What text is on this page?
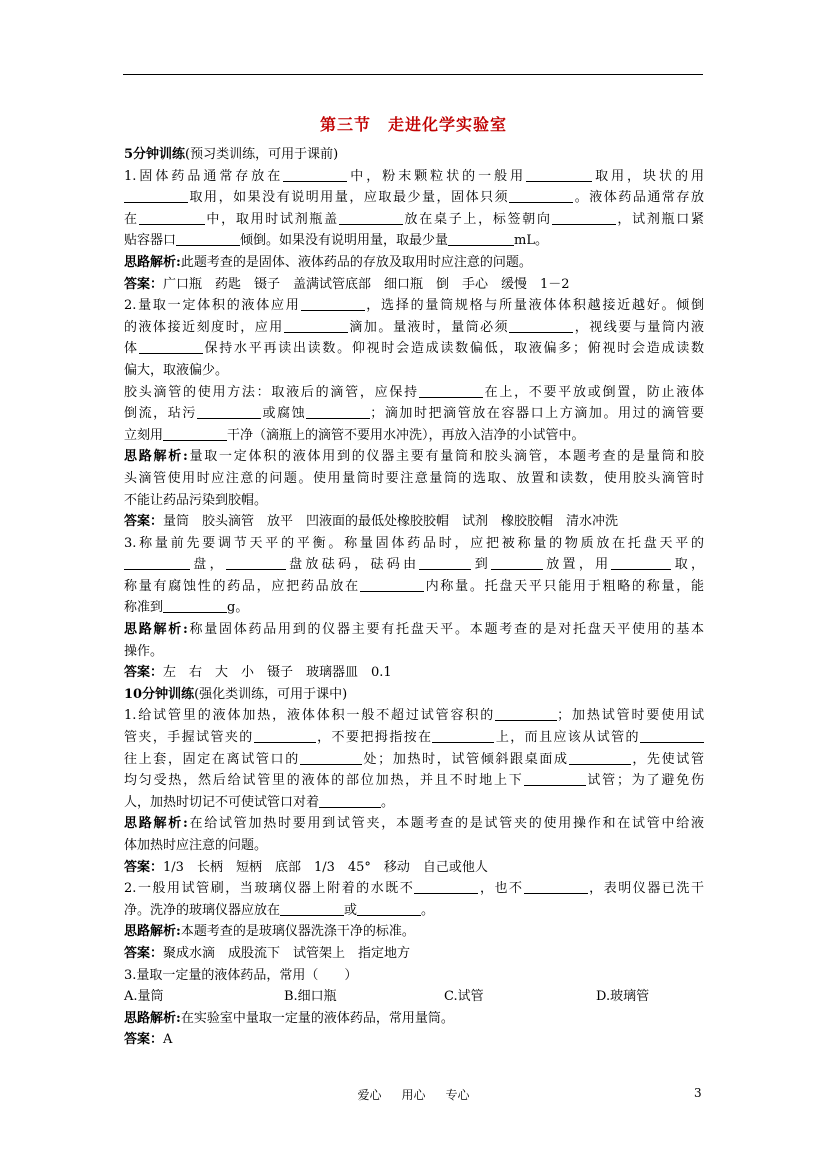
第三节　走进化学实验室
5分钟训练(预习类训练，可用于课前)
1.固体药品通常存放在	中，粉末颗粒状的一般用	取用，块状的用
取用，如果没有说明用量，应取最少量，固体只须	。液体药品通常存放
在	中，取用时试剂瓶盖	放在桌子上，标签朝向	，试剂瓶口紧
贴容器口	倾倒。如果没有说明用量，取最少量	mL。
思路解析:此题考查的是固体、液体药品的存放及取用时应注意的问题。
答案：广口瓶　药匙　镊子　盖满试管底部　细口瓶　倒　手心　缓慢　1－2
2.量取一定体积的液体应用	，选择的量筒规格与所量液体体积越接近越好。倾倒
的液体接近刻度时，应用	滴加。量液时，量筒必须	，视线要与量筒内液
体	保持水平再读出读数。仰视时会造成读数偏低，取液偏多；俯视时会造成读数
偏大，取液偏少。
胶头滴管的使用方法：取液后的滴管，应保持	在上，不要平放或倒置，防止液体
倒流，玷污	或腐蚀	；滴加时把滴管放在容器口上方滴加。用过的滴管要
立刻用	干净（滴瓶上的滴管不要用水冲洗），再放入洁净的小试管中。
思路解析:量取一定体积的液体用到的仪器主要有量筒和胶头滴管，本题考查的是量筒和胶
头滴管使用时应注意的问题。使用量筒时要注意量筒的选取、放置和读数，使用胶头滴管时
不能让药品污染到胶帽。
答案：量筒　胶头滴管　放平　凹液面的最低处橡胶胶帽　试剂　橡胶胶帽　清水冲洗
3.称量前先要调节天平的平衡。称量固体药品时，应把被称量的物质放在托盘天平的
盘，	盘放砝码，砝码由	到	放置，用	取，
称量有腐蚀性的药品，应把药品放在	内称量。托盘天平只能用于粗略的称量，能
称准到	g。
思路解析:称量固体药品用到的仪器主要有托盘天平。本题考查的是对托盘天平使用的基本
操作。
答案：左　右　大　小　镊子　玻璃器皿　0.1
10分钟训练(强化类训练，可用于课中)
1.给试管里的液体加热，液体体积一般不超过试管容积的	；加热试管时要使用试
管夹，手握试管夹的	，不要把拇指按在	上，而且应该从试管的
往上套，固定在离试管口的	处；加热时，试管倾斜跟桌面成	，先使试管
均匀受热，然后给试管里的液体的部位加热，并且不时地上下	试管；为了避免伤
人，加热时切记不可使试管口对着	。
思路解析:在给试管加热时要用到试管夹，本题考查的是试管夹的使用操作和在试管中给液
体加热时应注意的问题。
答案：1/3　长柄　短柄　底部　1/3　45°　移动　自己或他人
2.一般用试管刷，当玻璃仪器上附着的水既不	，也不	，表明仪器已洗干
净。洗净的玻璃仪器应放在	或	。
思路解析:本题考查的是玻璃仪器洗涤干净的标准。
答案：聚成水滴　成股流下　试管架上　指定地方
3.量取一定量的液体药品，常用（　　）
A.量筒	B.细口瓶	C.试管	D.玻璃管
思路解析:在实验室中量取一定量的液体药品，常用量筒。
答案：A
爱心 用心 专心	3
